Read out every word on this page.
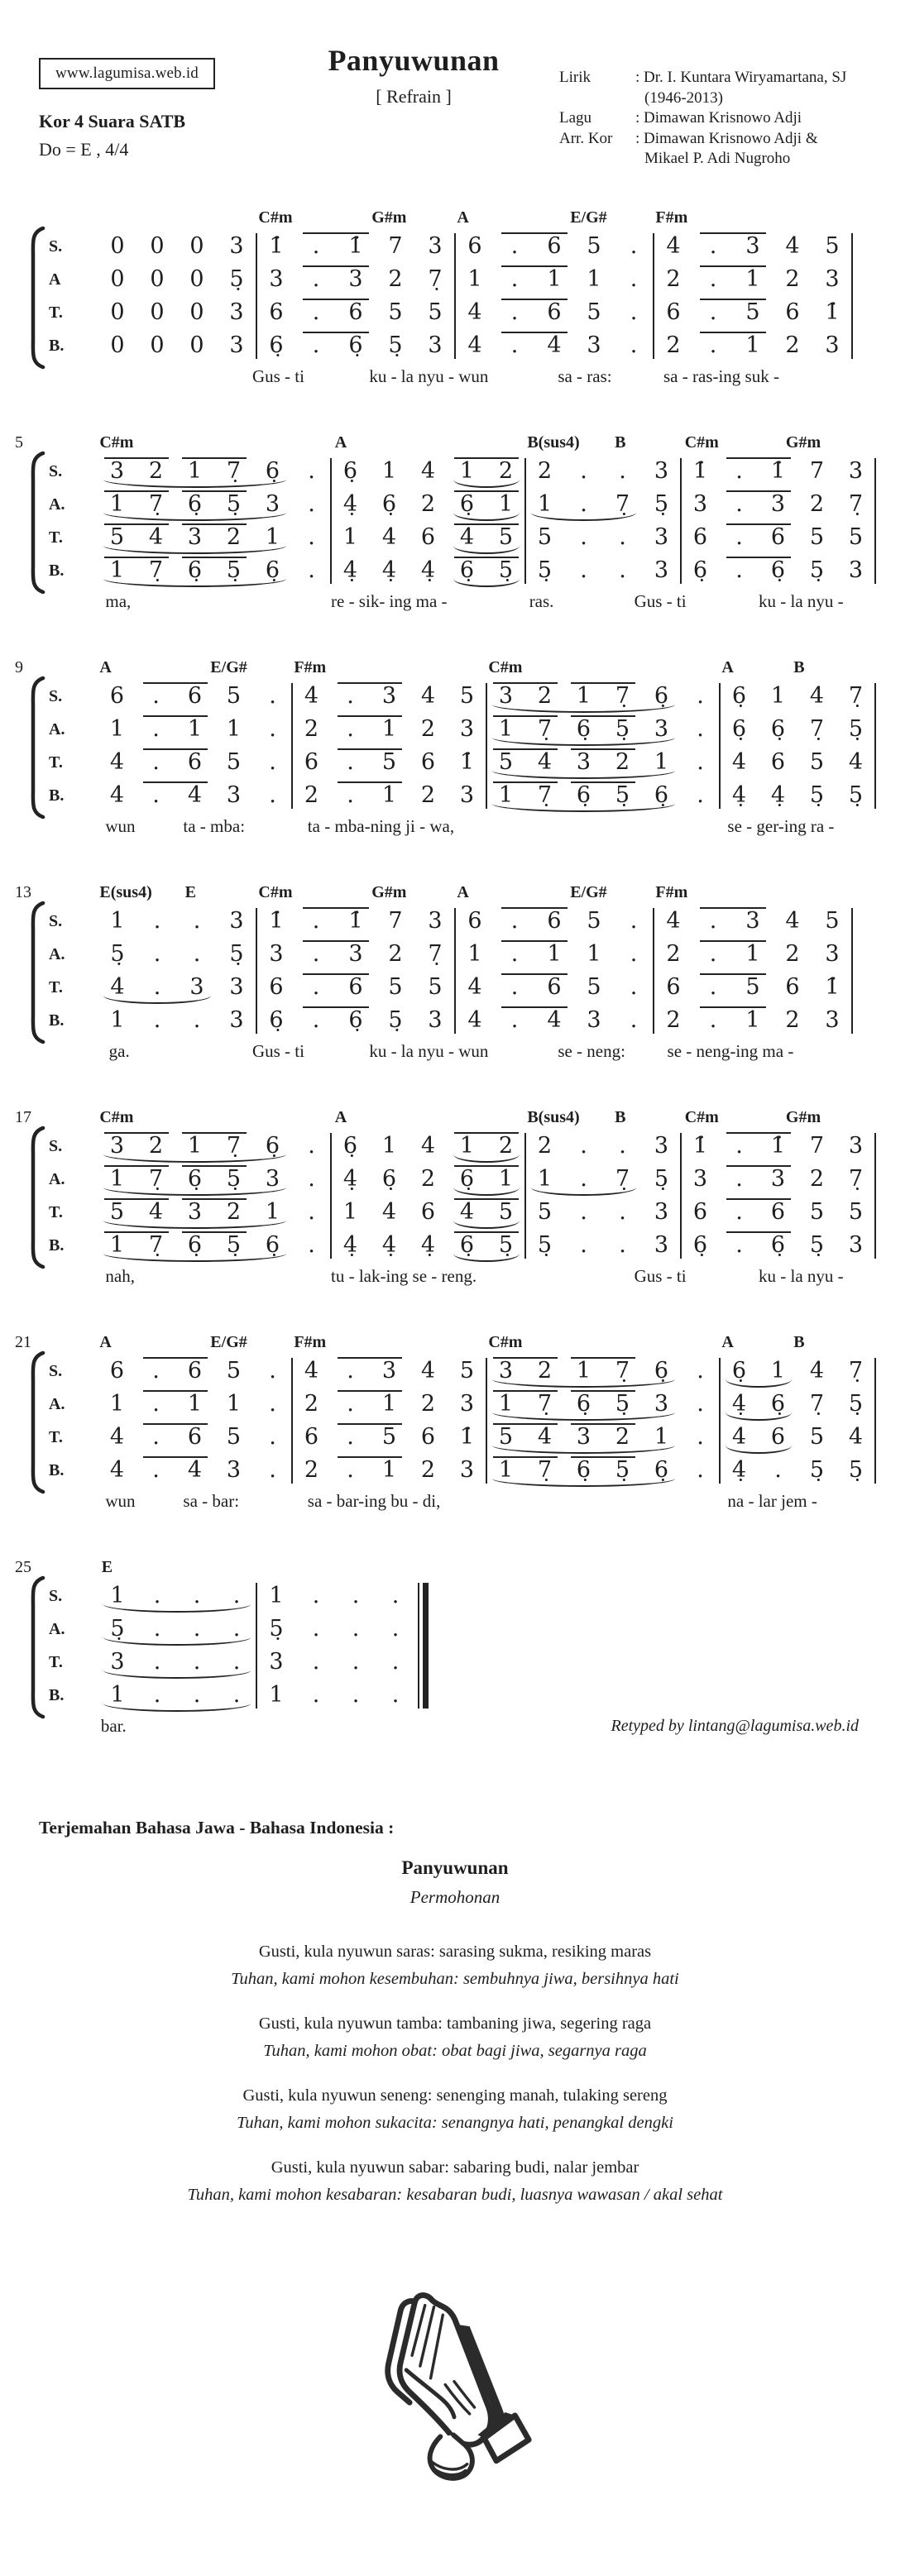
www.lagumisa.web.id
Kor 4 Suara SATB
Do = E , 4/4
Panyuwunan
[ Refrain ]
Lirik	: Dr. I. Kuntara Wiryamartana, SJ
(1946-2013)
Lagu	: Dimawan Krisnowo Adji
Arr. Kor	: Dimawan Krisnowo Adji &
Mikael P. Adi Nugroho
C#m	G#m	A	E/G#	F#m
S. 0 0 0 3 1̇ . 1̇ 7 3 6 . 6 5 . 4 . 3 4 5
A 0 0 0 5̣ 3 . 3 2 7̣ 1 . 1 1 . 2 . 1 2 3
T. 0 0 0 3 6 . 6 5 5 4 . 6 5 . 6 . 5 6 1̇
B. 0 0 0 3 6̣ . 6̣ 5̣ 3 4 . 4 3 . 2 . 1 2 3
Gus - ti	ku - la nyu - wun	sa - ras:	sa - ras-ing suk -
5	C#m	A	B(sus4) B	C#m	G#m
S. 3 2 1 7̣ 6̣ . 6̣ 1 4 1 2 2 . . 3 1̇ . 1̇ 7 3
A. 1 7̣ 6̣ 5̣ 3 . 4̣ 6̣ 2 6̣ 1 1 . 7̣ 5̣ 3 . 3 2 7̣
T. 5 4 3 2 1 . 1 4 6 4 5 5 . . 3 6 . 6 5 5
B. 1 7̣ 6̣ 5̣ 6̣ . 4̣ 4̣ 4̣ 6̣ 5̣ 5̣ . . 3 6̣ . 6̣ 5̣ 3
ma,	re - sik- ing ma -	ras.	Gus - ti	ku - la nyu -
9	A	E/G#	F#m	C#m	A	B
S. 6 . 6 5 . 4 . 3 4 5 3 2 1 7̣ 6̣ . 6̣ 1 4 7̣
A. 1 . 1 1 . 2 . 1 2 3 1 7̣ 6̣ 5̣ 3 . 6̣ 6̣ 7̣ 5̣
T. 4 . 6 5 . 6 . 5 6 1̇ 5 4 3 2 1 . 4 6 5 4
B. 4 . 4 3 . 2 . 1 2 3 1 7̣ 6̣ 5̣ 6̣ . 4̣ 4̣ 5̣ 5̣
wun	ta - mba:	ta - mba-ning ji - wa,	se - ger-ing ra -
13	E(sus4) E	C#m	G#m	A	E/G#	F#m
S. 1 . . 3 1̇ . 1̇ 7 3 6 . 6 5 . 4 . 3 4 5
A. 5̣ . . 5̣ 3 . 3 2 7̣ 1 . 1 1 . 2 . 1 2 3
T. 4 . 3 3 6 . 6 5 5 4 . 6 5 . 6 . 5 6 1̇
B. 1 . . 3 6̣ . 6̣ 5̣ 3 4 . 4 3 . 2 . 1 2 3
ga.	Gus - ti	ku - la nyu - wun	se - neng: se - neng-ing ma -
17	C#m	A	B(sus4) B	C#m	G#m
S. 3 2 1 7̣ 6̣ . 6̣ 1 4 1 2 2 . . 3 1̇ . 1̇ 7 3
A. 1 7̣ 6̣ 5̣ 3 . 4̣ 6̣ 2 6̣ 1 1 . 7̣ 5̣ 3 . 3 2 7̣
T. 5 4 3 2 1 . 1 4 6 4 5 5 . . 3 6 . 6 5 5
B. 1 7̣ 6̣ 5̣ 6̣ . 4̣ 4̣ 4̣ 6̣ 5̣ 5̣ . . 3 6̣ . 6̣ 5̣ 3
nah,	tu - lak-ing se - reng.	Gus - ti	ku - la nyu -
21	A	E/G#	F#m	C#m	A	B
S. 6 . 6 5 . 4 . 3 4 5 3 2 1 7̣ 6̣ . 6̣ 1 4 7̣
A. 1 . 1 1 . 2 . 1 2 3 1 7̣ 6̣ 5̣ 3 . 4̣ 6̣ 7̣ 5̣
T. 4 . 6 5 . 6 . 5 6 1̇ 5 4 3 2 1 . 4 6 5 4
B. 4 . 4 3 . 2 . 1 2 3 1 7̣ 6̣ 5̣ 6̣ . 4̣ . 5̣ 5̣
wun	sa - bar:	sa - bar-ing bu - di,	na - lar jem -
25	E
S. 1 . . . 1 . . .
A. 5̣ . . . 5̣ . . .
T. 3 . . . 3 . . .
B. 1 . . . 1 . . .
bar.	Retyped by lintang@lagumisa.web.id
Terjemahan Bahasa Jawa - Bahasa Indonesia :
Panyuwunan
Permohonan

Gusti, kula nyuwun saras: sarasing sukma, resiking maras

Tuhan, kami mohon kesembuhan: sembuhnya jiwa, bersihnya hati

Gusti, kula nyuwun tamba: tambaning jiwa, segering raga

Tuhan, kami mohon obat: obat bagi jiwa, segarnya raga

Gusti, kula nyuwun seneng: senenging manah, tulaking sereng

Tuhan, kami mohon sukacita: senangnya hati, penangkal dengki

Gusti, kula nyuwun sabar: sabaring budi, nalar jembar

Tuhan, kami mohon kesabaran: kesabaran budi, luasnya wawasan / akal sehat
